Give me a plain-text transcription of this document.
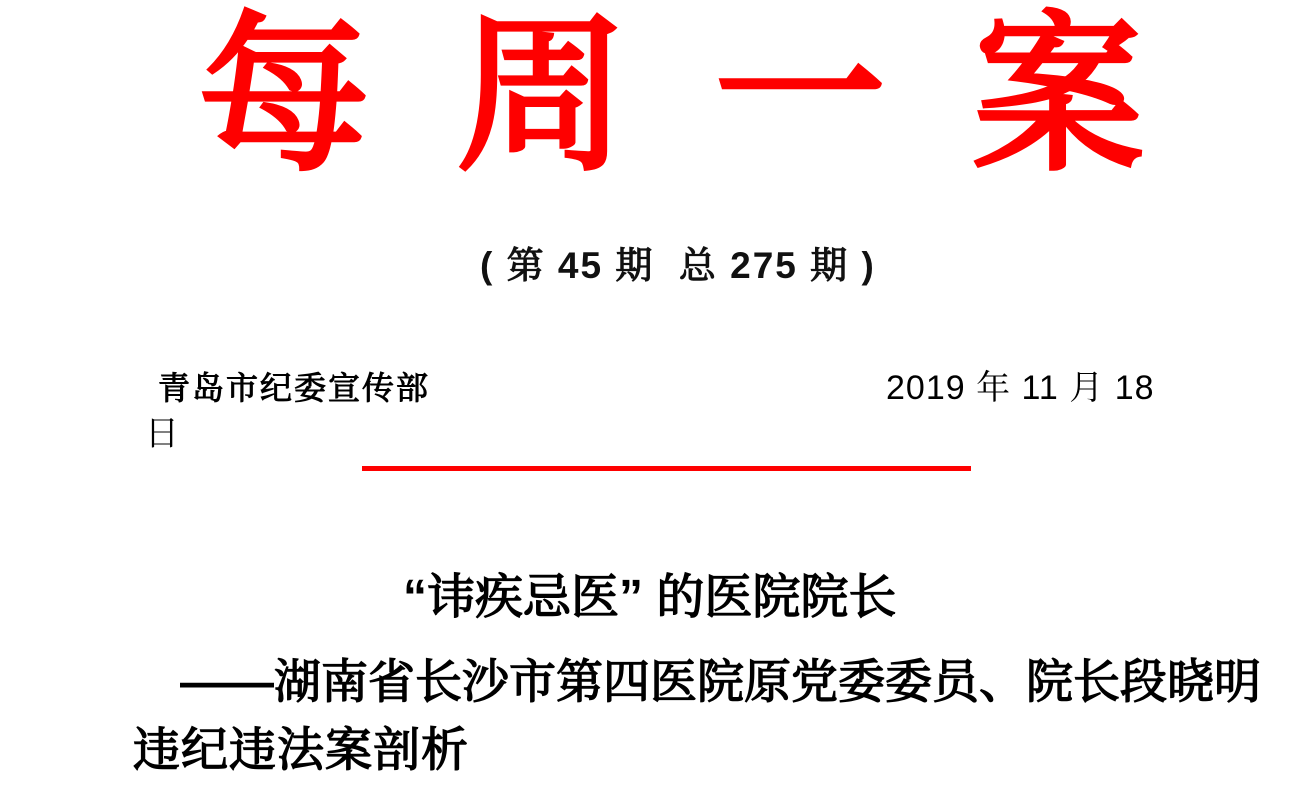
每 周 一 案
( 第 45 期  总 275 期 )
青岛市纪委宣传部	2019 年 11 月 18
日
“讳疾忌医” 的医院院长
——湖南省长沙市第四医院原党委委员、院长段晓明
违纪违法案剖析
